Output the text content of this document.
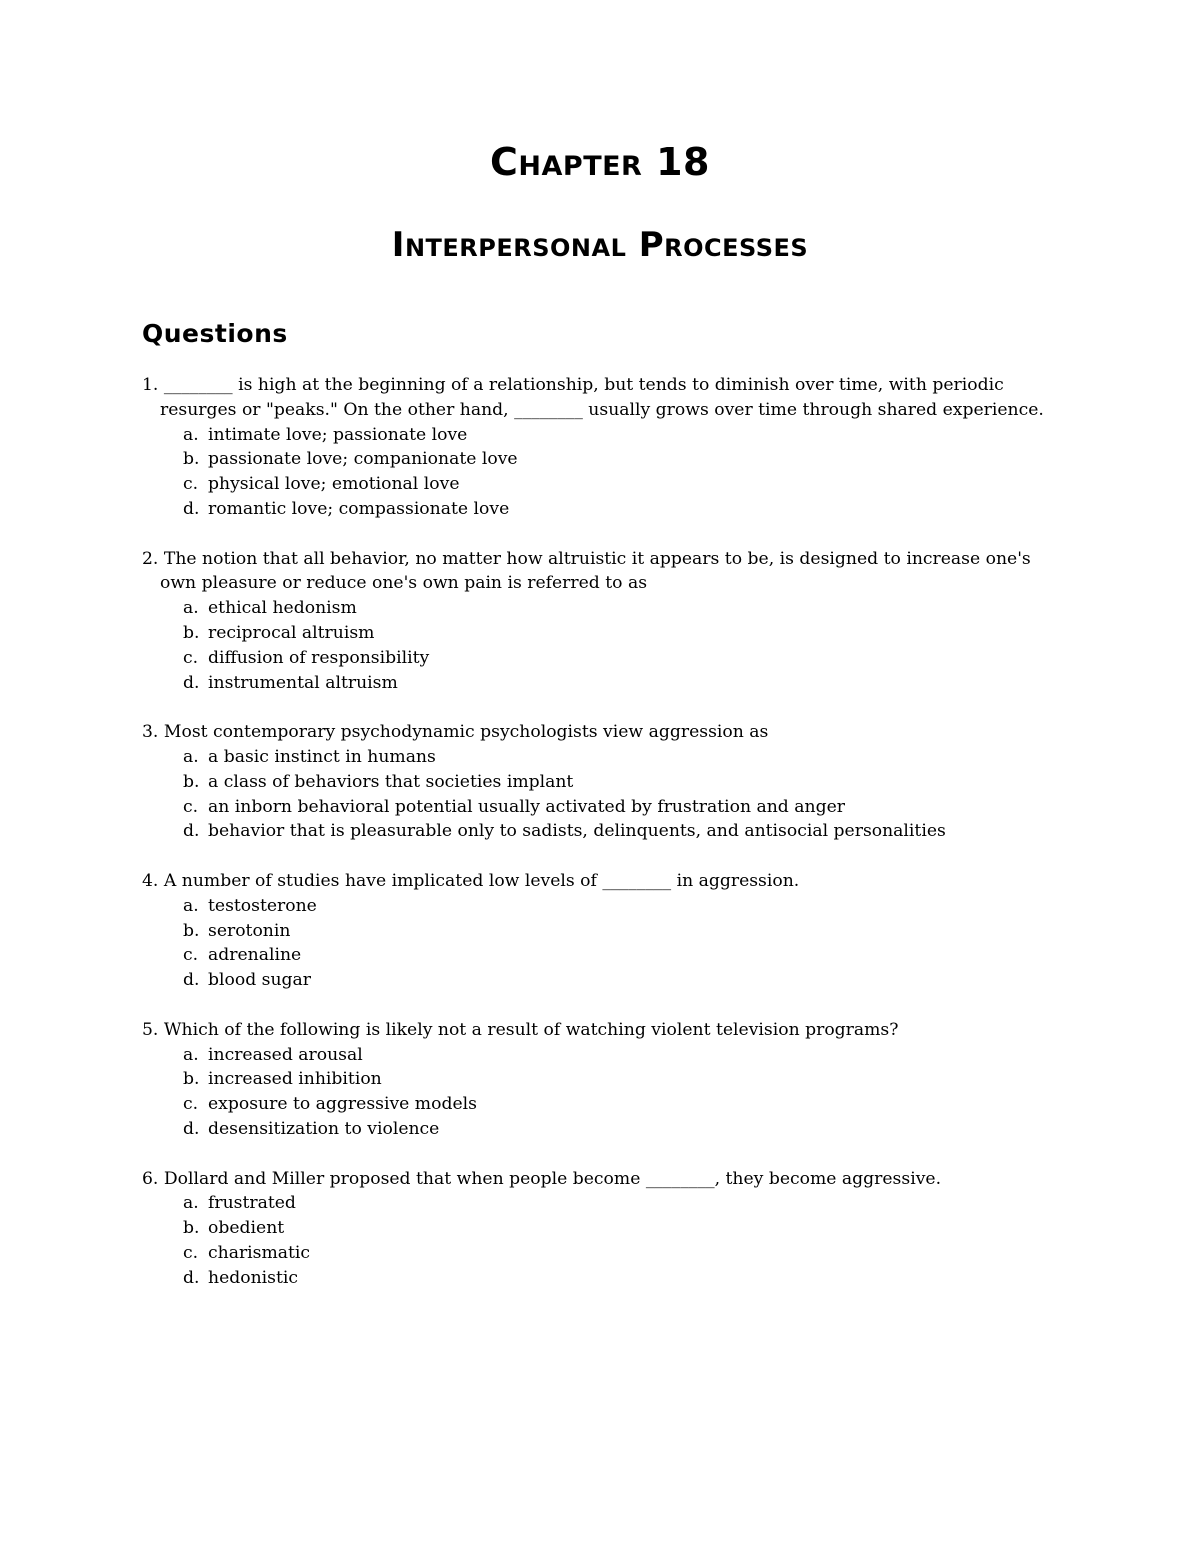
Chapter 18
Interpersonal Processes
Questions

1. ________ is high at the beginning of a relationship, but tends to diminish over time, with periodic resurges or "peaks." On the other hand, ________ usually grows over time through shared experience.

a. intimate love; passionate love
b. passionate love; companionate love
c. physical love; emotional love
d. romantic love; compassionate love

2. The notion that all behavior, no matter how altruistic it appears to be, is designed to increase one's own pleasure or reduce one's own pain is referred to as

a. ethical hedonism
b. reciprocal altruism
c. diffusion of responsibility
d. instrumental altruism

3. Most contemporary psychodynamic psychologists view aggression as

a. a basic instinct in humans
b. a class of behaviors that societies implant
c. an inborn behavioral potential usually activated by frustration and anger
d. behavior that is pleasurable only to sadists, delinquents, and antisocial personalities

4. A number of studies have implicated low levels of ________ in aggression.

a. testosterone
b. serotonin
c. adrenaline
d. blood sugar

5. Which of the following is likely not a result of watching violent television programs?

a. increased arousal
b. increased inhibition
c. exposure to aggressive models
d. desensitization to violence

6. Dollard and Miller proposed that when people become ________, they become aggressive.

a. frustrated
b. obedient
c. charismatic
d. hedonistic
